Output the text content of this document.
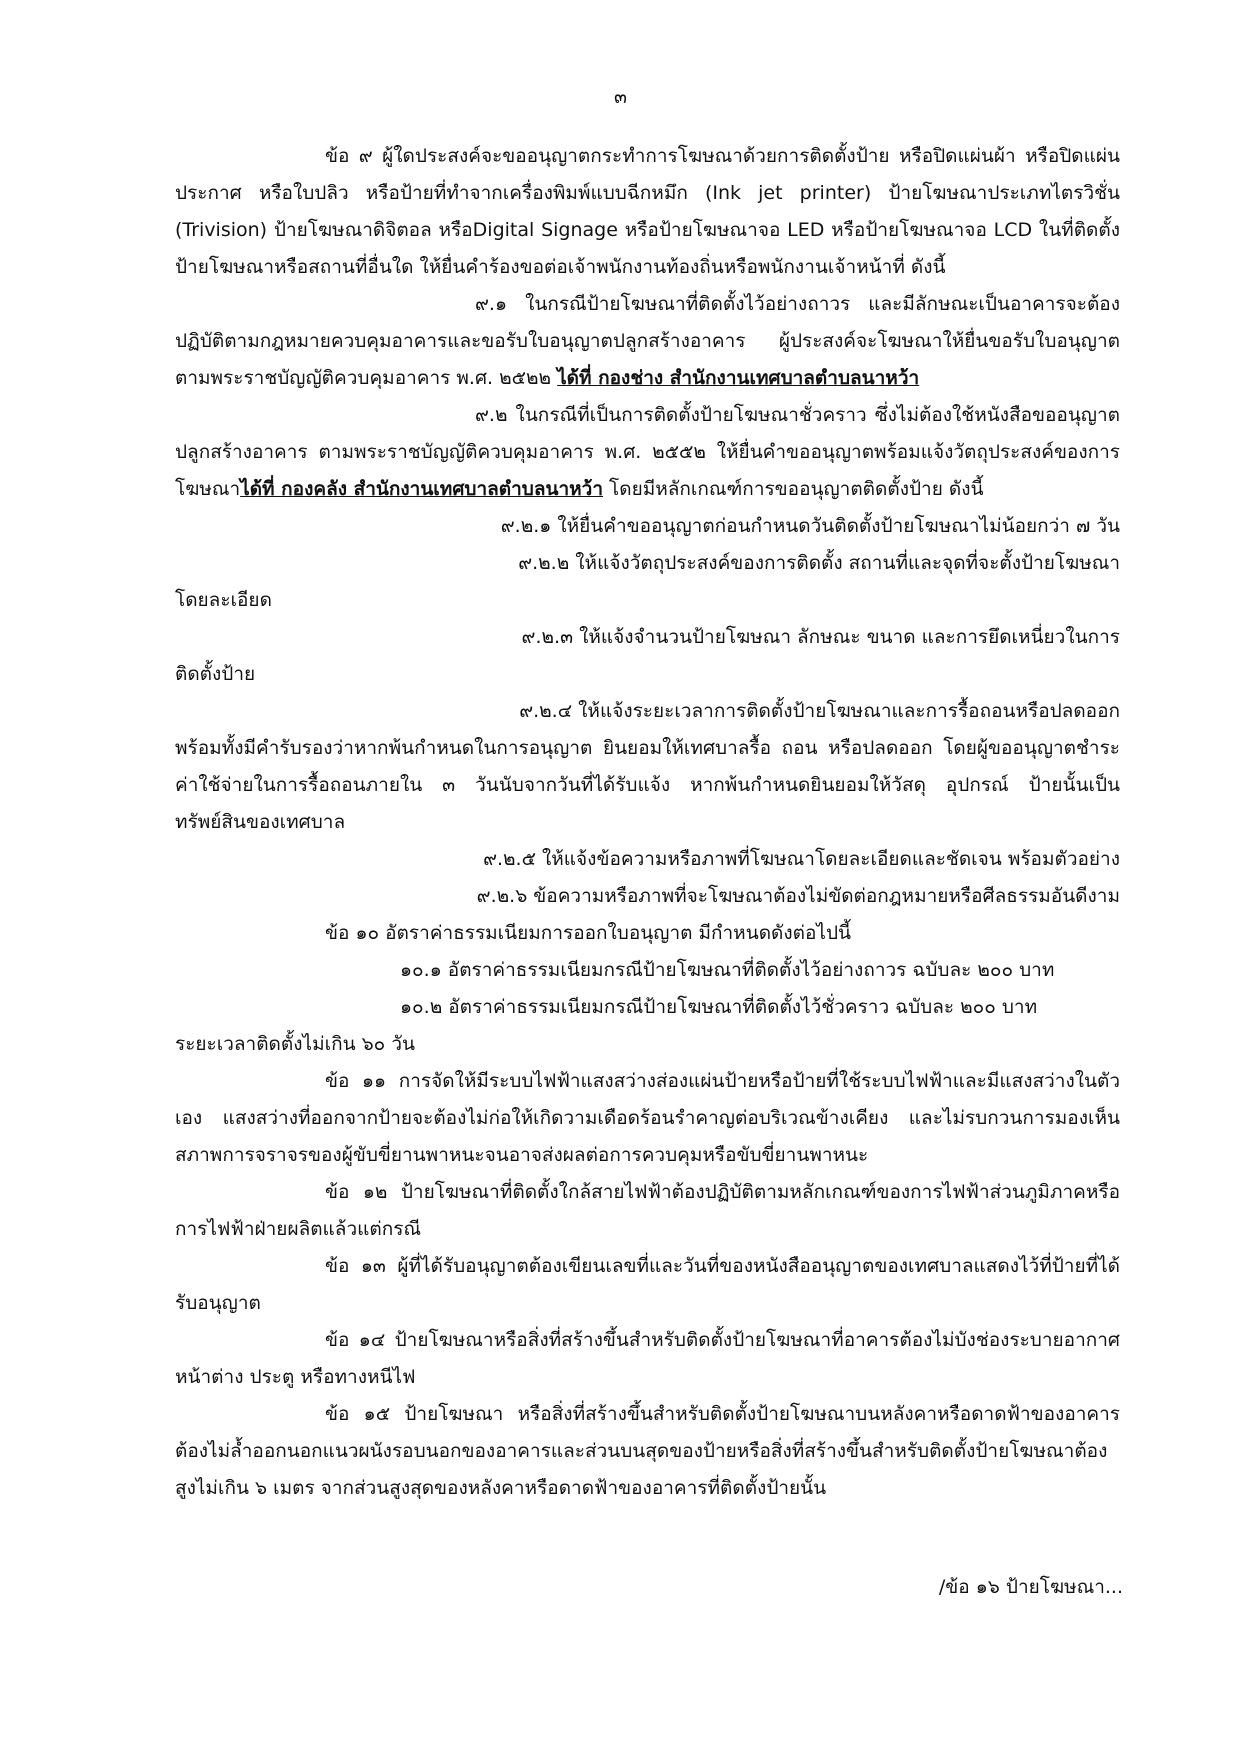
๓

ข้อ ๙ ผู้ใดประสงค์จะขออนุญาตกระทำการโฆษณาด้วยการติดตั้งป้าย หรือปิดแผ่นผ้า หรือปิดแผ่นประกาศ หรือใบปลิว หรือป้ายที่ทำจากเครื่องพิมพ์แบบฉีกหมึก (Ink jet printer) ป้ายโฆษณาประเภทไตรวิชั่น (Trivision) ป้ายโฆษณาดิจิตอล หรือDigital Signage หรือป้ายโฆษณาจอ LED หรือป้ายโฆษณาจอ LCD ในที่ติดตั้งป้ายโฆษณาหรือสถานที่อื่นใด ให้ยื่นคำร้องขอต่อเจ้าพนักงานท้องถิ่นหรือพนักงานเจ้าหน้าที่ ดังนี้

๙.๑ ในกรณีป้ายโฆษณาที่ติดตั้งไว้อย่างถาวร และมีลักษณะเป็นอาคารจะต้องปฏิบัติตามกฎหมายควบคุมอาคารและขอรับใบอนุญาตปลูกสร้างอาคาร ผู้ประสงค์จะโฆษณาให้ยื่นขอรับใบอนุญาตตามพระราชบัญญัติควบคุมอาคาร พ.ศ. ๒๕๒๒ ได้ที่ กองช่าง สำนักงานเทศบาลตำบลนาหว้า

๙.๒ ในกรณีที่เป็นการติดตั้งป้ายโฆษณาชั่วคราว ซึ่งไม่ต้องใช้หนังสือขออนุญาตปลูกสร้างอาคาร ตามพระราชบัญญัติควบคุมอาคาร พ.ศ. ๒๕๕๒ ให้ยื่นคำขออนุญาตพร้อมแจ้งวัตถุประสงค์ของการโฆษณาได้ที่ กองคลัง สำนักงานเทศบาลตำบลนาหว้า โดยมีหลักเกณฑ์การขออนุญาตติดตั้งป้าย ดังนี้

๙.๒.๑ ให้ยื่นคำขออนุญาตก่อนกำหนดวันติดตั้งป้ายโฆษณาไม่น้อยกว่า ๗ วัน

๙.๒.๒ ให้แจ้งวัตถุประสงค์ของการติดตั้ง สถานที่และจุดที่จะตั้งป้ายโฆษณา

โดยละเอียด

๙.๒.๓ ให้แจ้งจำนวนป้ายโฆษณา ลักษณะ ขนาด และการยึดเหนี่ยวในการ

ติดตั้งป้าย

๙.๒.๔ ให้แจ้งระยะเวลาการติดตั้งป้ายโฆษณาและการรื้อถอนหรือปลดออก

พร้อมทั้งมีคำรับรองว่าหากพ้นกำหนดในการอนุญาต ยินยอมให้เทศบาลรื้อ ถอน หรือปลดออก โดยผู้ขออนุญาตชำระค่าใช้จ่ายในการรื้อถอนภายใน ๓ วันนับจากวันที่ได้รับแจ้ง หากพ้นกำหนดยินยอมให้วัสดุ อุปกรณ์ ป้ายนั้นเป็นทรัพย์สินของเทศบาล

๙.๒.๕ ให้แจ้งข้อความหรือภาพที่โฆษณาโดยละเอียดและชัดเจน พร้อมตัวอย่าง

๙.๒.๖ ข้อความหรือภาพที่จะโฆษณาต้องไม่ขัดต่อกฎหมายหรือศีลธรรมอันดีงาม

ข้อ ๑๐ อัตราค่าธรรมเนียมการออกใบอนุญาต มีกำหนดดังต่อไปนี้

๑๐.๑ อัตราค่าธรรมเนียมกรณีป้ายโฆษณาที่ติดตั้งไว้อย่างถาวร ฉบับละ ๒๐๐ บาท

๑๐.๒ อัตราค่าธรรมเนียมกรณีป้ายโฆษณาที่ติดตั้งไว้ชั่วคราว ฉบับละ ๒๐๐ บาท

ระยะเวลาติดตั้งไม่เกิน ๖๐ วัน

ข้อ ๑๑ การจัดให้มีระบบไฟฟ้าแสงสว่างส่องแผ่นป้ายหรือป้ายที่ใช้ระบบไฟฟ้าและมีแสงสว่างในตัวเอง แสงสว่างที่ออกจากป้ายจะต้องไม่ก่อให้เกิดวามเดือดร้อนรำคาญต่อบริเวณข้างเคียง และไม่รบกวนการมองเห็นสภาพการจราจรของผู้ขับขี่ยานพาหนะจนอาจส่งผลต่อการควบคุมหรือขับขี่ยานพาหนะ

ข้อ ๑๒ ป้ายโฆษณาที่ติดตั้งใกล้สายไฟฟ้าต้องปฏิบัติตามหลักเกณฑ์ของการไฟฟ้าส่วนภูมิภาคหรือการไฟฟ้าฝ่ายผลิตแล้วแต่กรณี

ข้อ ๑๓ ผู้ที่ได้รับอนุญาตต้องเขียนเลขที่และวันที่ของหนังสืออนุญาตของเทศบาลแสดงไว้ที่ป้ายที่ได้รับอนุญาต

ข้อ ๑๔ ป้ายโฆษณาหรือสิ่งที่สร้างขึ้นสำหรับติดตั้งป้ายโฆษณาที่อาคารต้องไม่บังช่องระบายอากาศ หน้าต่าง ประตู หรือทางหนีไฟ

ข้อ ๑๕ ป้ายโฆษณา หรือสิ่งที่สร้างขึ้นสำหรับติดตั้งป้ายโฆษณาบนหลังคาหรือดาดฟ้าของอาคารต้องไม่ล้ำออกนอกแนวผนังรอบนอกของอาคารและส่วนบนสุดของป้ายหรือสิ่งที่สร้างขึ้นสำหรับติดตั้งป้ายโฆษณาต้องสูงไม่เกิน ๖ เมตร จากส่วนสูงสุดของหลังคาหรือดาดฟ้าของอาคารที่ติดตั้งป้ายนั้น

/ข้อ ๑๖ ป้ายโฆษณา...
